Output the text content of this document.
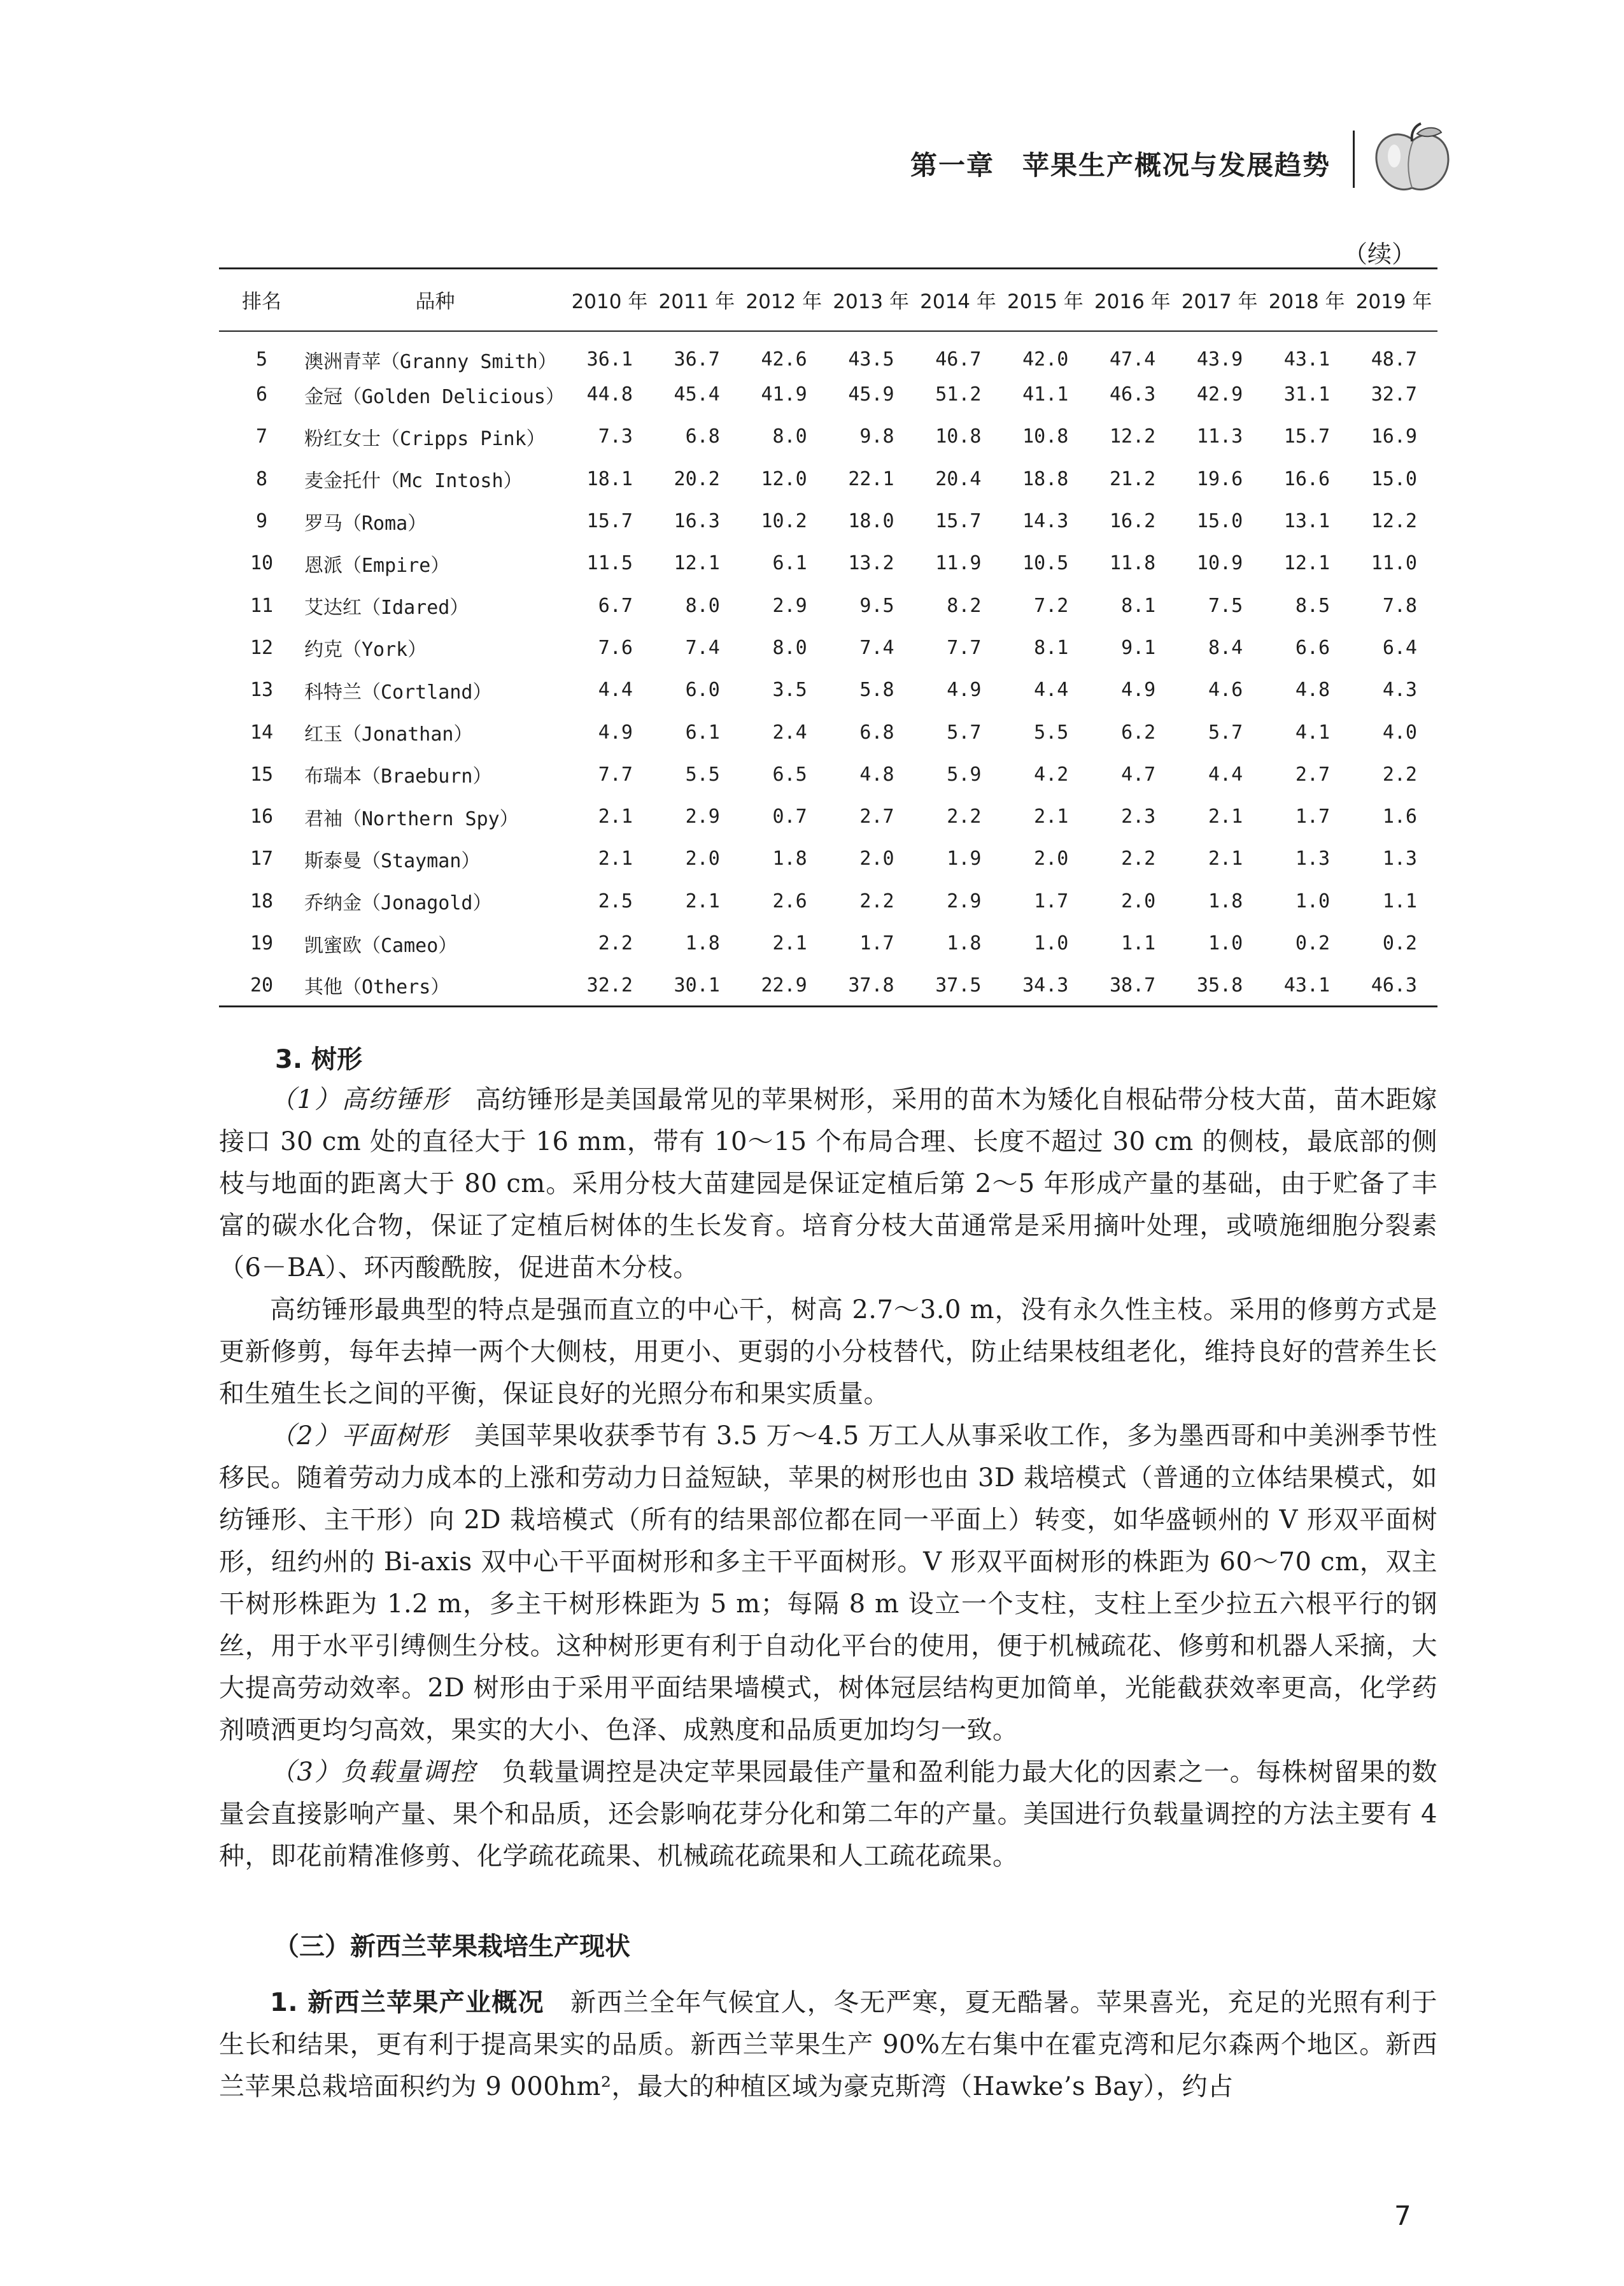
第一章　苹果生产概况与发展趋势
（续）
排名	品种	2010 年	2011 年	2012 年	2013 年	2014 年	2015 年	2016 年	2017 年	2018 年	2019 年
5	澳洲青苹（Granny Smith）	36.1	36.7	42.6	43.5	46.7	42.0	47.4	43.9	43.1	48.7
6	金冠（Golden Delicious）	44.8	45.4	41.9	45.9	51.2	41.1	46.3	42.9	31.1	32.7
7	粉红女士（Cripps Pink）	7.3	6.8	8.0	9.8	10.8	10.8	12.2	11.3	15.7	16.9
8	麦金托什（Mc Intosh）	18.1	20.2	12.0	22.1	20.4	18.8	21.2	19.6	16.6	15.0
9	罗马（Roma）	15.7	16.3	10.2	18.0	15.7	14.3	16.2	15.0	13.1	12.2
10	恩派（Empire）	11.5	12.1	6.1	13.2	11.9	10.5	11.8	10.9	12.1	11.0
11	艾达红（Idared）	6.7	8.0	2.9	9.5	8.2	7.2	8.1	7.5	8.5	7.8
12	约克（York）	7.6	7.4	8.0	7.4	7.7	8.1	9.1	8.4	6.6	6.4
13	科特兰（Cortland）	4.4	6.0	3.5	5.8	4.9	4.4	4.9	4.6	4.8	4.3
14	红玉（Jonathan）	4.9	6.1	2.4	6.8	5.7	5.5	6.2	5.7	4.1	4.0
15	布瑞本（Braeburn）	7.7	5.5	6.5	4.8	5.9	4.2	4.7	4.4	2.7	2.2
16	君袖（Northern Spy）	2.1	2.9	0.7	2.7	2.2	2.1	2.3	2.1	1.7	1.6
17	斯泰曼（Stayman）	2.1	2.0	1.8	2.0	1.9	2.0	2.2	2.1	1.3	1.3
18	乔纳金（Jonagold）	2.5	2.1	2.6	2.2	2.9	1.7	2.0	1.8	1.0	1.1
19	凯蜜欧（Cameo）	2.2	1.8	2.1	1.7	1.8	1.0	1.1	1.0	0.2	0.2
20	其他（Others）	32.2	30.1	22.9	37.8	37.5	34.3	38.7	35.8	43.1	46.3

3. 树形

（1）高纺锤形　高纺锤形是美国最常见的苹果树形，采用的苗木为矮化自根砧带分枝大苗，苗木距嫁接口 30 cm 处的直径大于 16 mm，带有 10～15 个布局合理、长度不超过 30 cm 的侧枝，最底部的侧枝与地面的距离大于 80 cm。采用分枝大苗建园是保证定植后第 2～5 年形成产量的基础，由于贮备了丰富的碳水化合物，保证了定植后树体的生长发育。培育分枝大苗通常是采用摘叶处理，或喷施细胞分裂素（6－BA）、环丙酸酰胺，促进苗木分枝。

高纺锤形最典型的特点是强而直立的中心干，树高 2.7～3.0 m，没有永久性主枝。采用的修剪方式是更新修剪，每年去掉一两个大侧枝，用更小、更弱的小分枝替代，防止结果枝组老化，维持良好的营养生长和生殖生长之间的平衡，保证良好的光照分布和果实质量。

（2）平面树形　美国苹果收获季节有 3.5 万～4.5 万工人从事采收工作，多为墨西哥和中美洲季节性移民。随着劳动力成本的上涨和劳动力日益短缺，苹果的树形也由 3D 栽培模式（普通的立体结果模式，如纺锤形、主干形）向 2D 栽培模式（所有的结果部位都在同一平面上）转变，如华盛顿州的 V 形双平面树形，纽约州的 Bi-axis 双中心干平面树形和多主干平面树形。V 形双平面树形的株距为 60～70 cm，双主干树形株距为 1.2 m，多主干树形株距为 5 m；每隔 8 m 设立一个支柱，支柱上至少拉五六根平行的钢丝，用于水平引缚侧生分枝。这种树形更有利于自动化平台的使用，便于机械疏花、修剪和机器人采摘，大大提高劳动效率。2D 树形由于采用平面结果墙模式，树体冠层结构更加简单，光能截获效率更高，化学药剂喷洒更均匀高效，果实的大小、色泽、成熟度和品质更加均匀一致。

（3）负载量调控　负载量调控是决定苹果园最佳产量和盈利能力最大化的因素之一。每株树留果的数量会直接影响产量、果个和品质，还会影响花芽分化和第二年的产量。美国进行负载量调控的方法主要有 4 种，即花前精准修剪、化学疏花疏果、机械疏花疏果和人工疏花疏果。

（三）新西兰苹果栽培生产现状

1. 新西兰苹果产业概况　新西兰全年气候宜人，冬无严寒，夏无酷暑。苹果喜光，充足的光照有利于生长和结果，更有利于提高果实的品质。新西兰苹果生产 90%左右集中在霍克湾和尼尔森两个地区。新西兰苹果总栽培面积约为 9 000hm²，最大的种植区域为豪克斯湾（Hawke’s Bay），约占

7
